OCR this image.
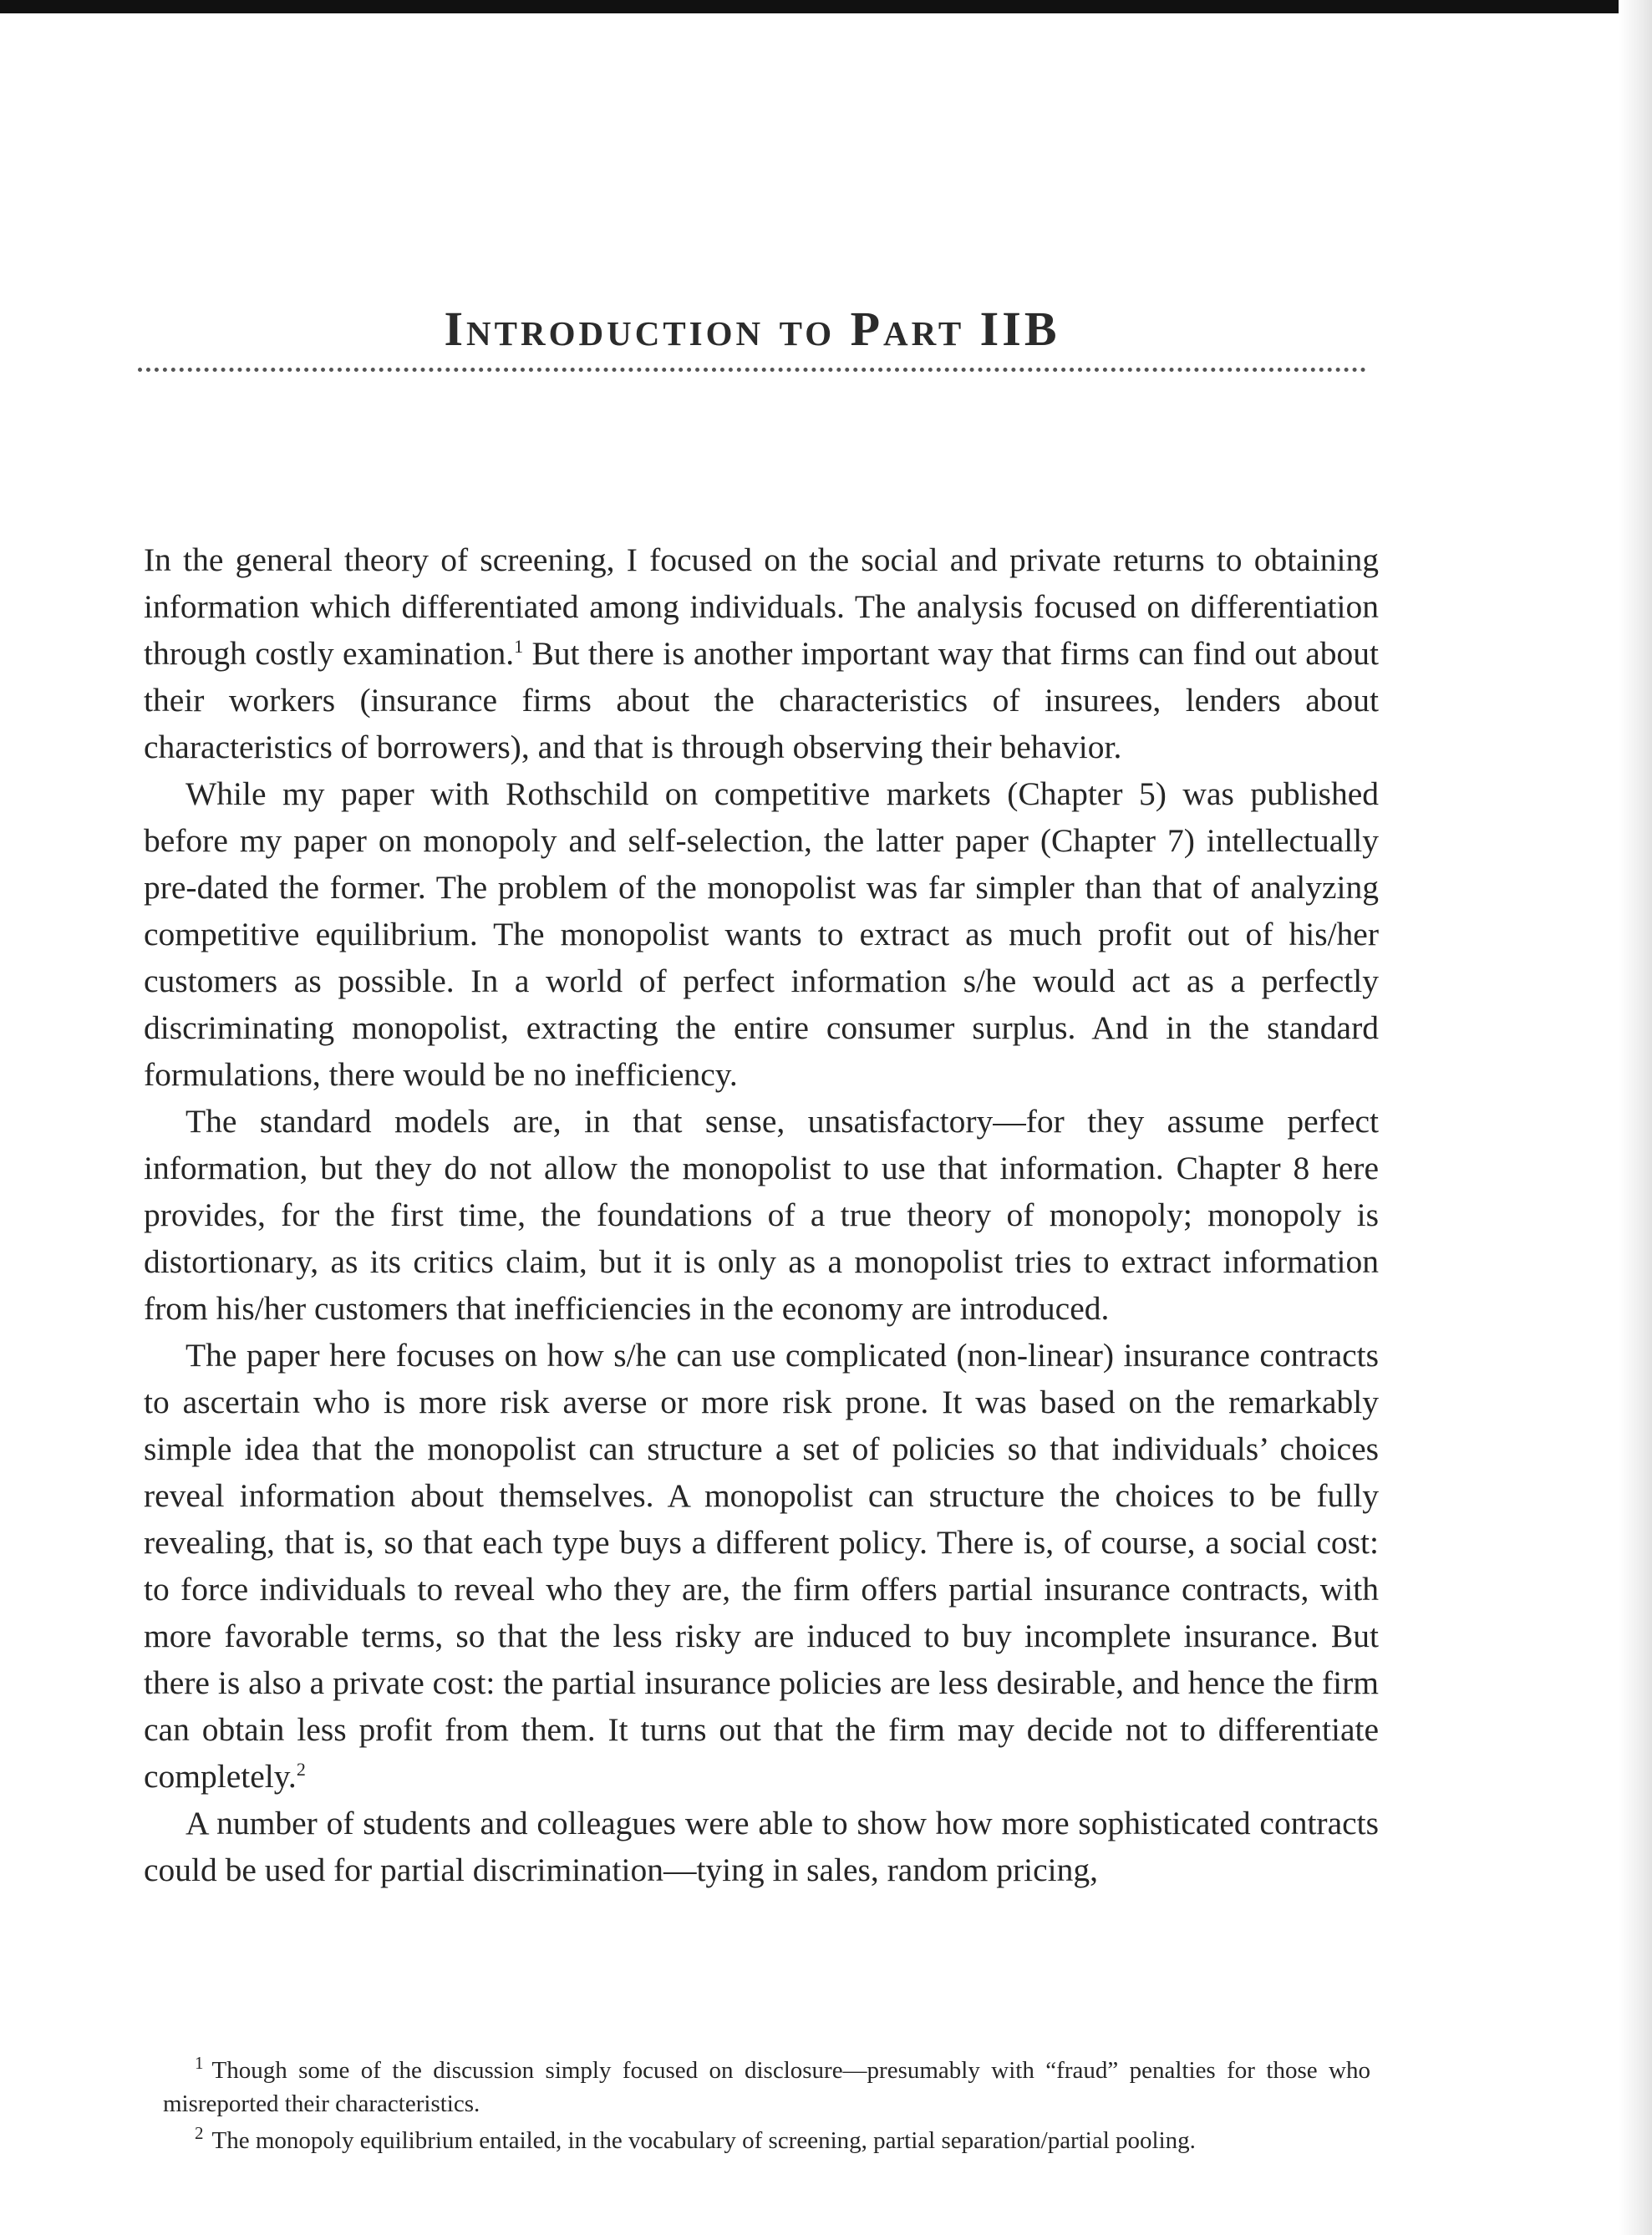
Introduction to Part IIB

In the general theory of screening, I focused on the social and private returns to obtaining information which differentiated among individuals. The analysis focused on differentiation through costly examination.$^1$ But there is another important way that firms can find out about their workers (insurance firms about the characteristics of insurees, lenders about characteristics of borrowers), and that is through observing their behavior.

While my paper with Rothschild on competitive markets (Chapter 5) was published before my paper on monopoly and self-selection, the latter paper (Chapter 7) intellectually pre-dated the former. The problem of the monopolist was far simpler than that of analyzing competitive equilibrium. The monopolist wants to extract as much profit out of his/her customers as possible. In a world of perfect information s/he would act as a perfectly discriminating monopolist, extracting the entire consumer surplus. And in the standard formulations, there would be no inefficiency.

The standard models are, in that sense, unsatisfactory—for they assume perfect information, but they do not allow the monopolist to use that information. Chapter 8 here provides, for the first time, the foundations of a true theory of monopoly; monopoly is distortionary, as its critics claim, but it is only as a monopolist tries to extract information from his/her customers that inefficiencies in the economy are introduced.

The paper here focuses on how s/he can use complicated (non-linear) insurance contracts to ascertain who is more risk averse or more risk prone. It was based on the remarkably simple idea that the monopolist can structure a set of policies so that individuals’ choices reveal information about themselves. A monopolist can structure the choices to be fully revealing, that is, so that each type buys a different policy. There is, of course, a social cost: to force individuals to reveal who they are, the firm offers partial insurance contracts, with more favorable terms, so that the less risky are induced to buy incomplete insurance. But there is also a private cost: the partial insurance policies are less desirable, and hence the firm can obtain less profit from them. It turns out that the firm may decide not to differentiate completely.$^2$

A number of students and colleagues were able to show how more sophisticated contracts could be used for partial discrimination—tying in sales, random pricing,

$^1$ Though some of the discussion simply focused on disclosure—presumably with “fraud” penalties for those who misreported their characteristics.

$^2$ The monopoly equilibrium entailed, in the vocabulary of screening, partial separation/partial pooling.
